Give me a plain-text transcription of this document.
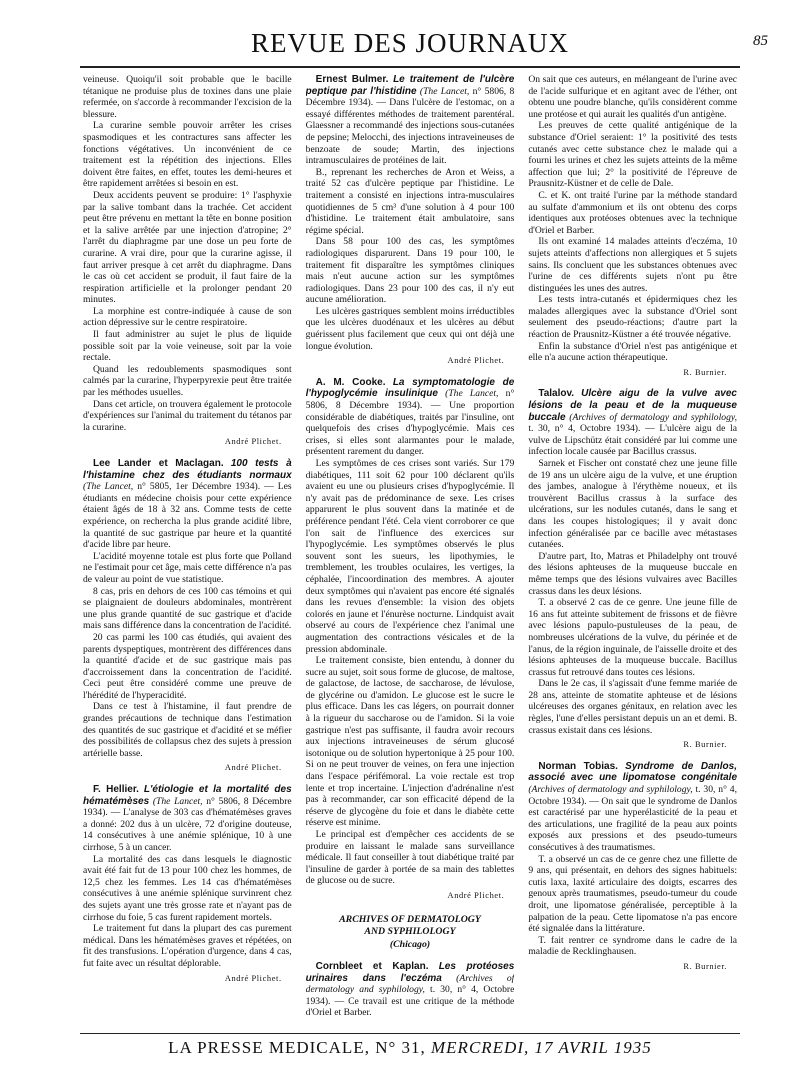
REVUE DES JOURNAUX	85

veineuse. Quoiqu'il soit probable que le bacille tétanique ne produise plus de toxines dans une plaie refermée, on s'accorde à recommander l'excision de la blessure.

La curarine semble pouvoir arrêter les crises spasmodiques et les contractures sans affecter les fonctions végétatives. Un inconvénient de ce traitement est la répétition des injections. Elles doivent être faites, en effet, toutes les demi-heures et être rapidement arrêtées si besoin en est.

Deux accidents peuvent se produire: 1° l'asphyxie par la salive tombant dans la trachée. Cet accident peut être prévenu en mettant la tête en bonne position et la salive arrêtée par une injection d'atropine; 2° l'arrêt du diaphragme par une dose un peu forte de curarine. A vrai dire, pour que la curarine agisse, il faut arriver presque à cet arrêt du diaphragme. Dans le cas où cet accident se produit, il faut faire de la respiration artificielle et la prolonger pendant 20 minutes.

La morphine est contre-indiquée à cause de son action dépressive sur le centre respiratoire.

Il faut administrer au sujet le plus de liquide possible soit par la voie veineuse, soit par la voie rectale.

Quand les redoublements spasmodiques sont calmés par la curarine, l'hyperpyrexie peut être traitée par les méthodes usuelles.

Dans cet article, on trouvera également le protocole d'expériences sur l'animal du traitement du tétanos par la curarine.

André Plichet.

Lee Lander et Maclagan. 100 tests à l'histamine chez des étudiants normaux (The Lancet, n° 5805, 1er Décembre 1934). — Les étudiants en médecine choisis pour cette expérience étaient âgés de 18 à 32 ans. Comme tests de cette expérience, on rechercha la plus grande acidité libre, la quantité de suc gastrique par heure et la quantité d'acide libre par heure.

L'acidité moyenne totale est plus forte que Polland ne l'estimait pour cet âge, mais cette différence n'a pas de valeur au point de vue statistique.

8 cas, pris en dehors de ces 100 cas témoins et qui se plaignaient de douleurs abdominales, montrèrent une plus grande quantité de suc gastrique et d'acide mais sans différence dans la concentration de l'acidité.

20 cas parmi les 100 cas étudiés, qui avaient des parents dyspeptiques, montrèrent des différences dans la quantité d'acide et de suc gastrique mais pas d'accroissement dans la concentration de l'acidité. Ceci peut être considéré comme une preuve de l'hérédité de l'hyperacidité.

Dans ce test à l'histamine, il faut prendre de grandes précautions de technique dans l'estimation des quantités de suc gastrique et d'acidité et se méfier des possibilités de collapsus chez des sujets à pression artérielle basse.

André Plichet.

F. Hellier. L'étiologie et la mortalité des hématémèses (The Lancet, n° 5806, 8 Décembre 1934). — L'analyse de 303 cas d'hématémèses graves a donné: 202 dus à un ulcère, 72 d'origine douteuse, 14 consécutives à une anémie splénique, 10 à une cirrhose, 5 à un cancer.

La mortalité des cas dans lesquels le diagnostic avait été fait fut de 13 pour 100 chez les hommes, de 12,5 chez les femmes. Les 14 cas d'hématémèses consécutives à une anémie splénique survinrent chez des sujets ayant une très grosse rate et n'ayant pas de cirrhose du foie, 5 cas furent rapidement mortels.

Le traitement fut dans la plupart des cas purement médical. Dans les hématémèses graves et répétées, on fit des transfusions. L'opération d'urgence, dans 4 cas, fut faite avec un résultat déplorable.

André Plichet.

Ernest Bulmer. Le traitement de l'ulcère peptique par l'histidine (The Lancet, n° 5806, 8 Décembre 1934). — Dans l'ulcère de l'estomac, on a essayé différentes méthodes de traitement parentéral. Glaessner a recommandé des injections sous-cutanées de pepsine; Melocchi, des injections intraveineuses de benzoate de soude; Martin, des injections intramusculaires de protéines de lait.

B., reprenant les recherches de Aron et Weiss, a traité 52 cas d'ulcère peptique par l'histidine. Le traitement a consisté en injections intra-musculaires quotidiennes de 5 cm³ d'une solution à 4 pour 100 d'histidine. Le traitement était ambulatoire, sans régime spécial.

Dans 58 pour 100 des cas, les symptômes radiologiques disparurent. Dans 19 pour 100, le traitement fit disparaître les symptômes cliniques mais n'eut aucune action sur les symptômes radiologiques. Dans 23 pour 100 des cas, il n'y eut aucune amélioration.

Les ulcères gastriques semblent moins irréductibles que les ulcères duodénaux et les ulcères au début guérissent plus facilement que ceux qui ont déjà une longue évolution.

André Plichet.

A. M. Cooke. La symptomatologie de l'hypoglycémie insulinique (The Lancet, n° 5806, 8 Décembre 1934). — Une proportion considérable de diabétiques, traités par l'insuline, ont quelquefois des crises d'hypoglycémie. Mais ces crises, si elles sont alarmantes pour le malade, présentent rarement du danger.

Les symptômes de ces crises sont variés. Sur 179 diabétiques, 111 soit 62 pour 100 déclarent qu'ils avaient eu une ou plusieurs crises d'hypoglycémie. Il n'y avait pas de prédominance de sexe. Les crises apparurent le plus souvent dans la matinée et de préférence pendant l'été. Cela vient corroborer ce que l'on sait de l'influence des exercices sur l'hypoglycémie. Les symptômes observés le plus souvent sont les sueurs, les lipothymies, le tremblement, les troubles oculaires, les vertiges, la céphalée, l'incoordination des membres. A ajouter deux symptômes qui n'avaient pas encore été signalés dans les revues d'ensemble: la vision des objets colorés en jaune et l'énurèse nocturne. Lindquist avait observé au cours de l'expérience chez l'animal une augmentation des contractions vésicales et de la pression abdominale.

Le traitement consiste, bien entendu, à donner du sucre au sujet, soit sous forme de glucose, de maltose, de galactose, de lactose, de saccharose, de lévulose, de glycérine ou d'amidon. Le glucose est le sucre le plus efficace. Dans les cas légers, on pourrait donner à la rigueur du saccharose ou de l'amidon. Si la voie gastrique n'est pas suffisante, il faudra avoir recours aux injections intraveineuses de sérum glucosé isotonique ou de solution hypertonique à 25 pour 100. Si on ne peut trouver de veines, on fera une injection dans l'espace périfémoral. La voie rectale est trop lente et trop incertaine. L'injection d'adrénaline n'est pas à recommander, car son efficacité dépend de la réserve de glycogène du foie et dans le diabète cette réserve est minime.

Le principal est d'empêcher ces accidents de se produire en laissant le malade sans surveillance médicale. Il faut conseiller à tout diabétique traité par l'insuline de garder à portée de sa main des tablettes de glucose ou de sucre.

André Plichet.

ARCHIVES OF DERMATOLOGY
AND SYPHILOLOGY
(Chicago)

Cornbleet et Kaplan. Les protéoses urinaires dans l'eczéma (Archives of dermatology and syphilology, t. 30, n° 4, Octobre 1934). — Ce travail est une critique de la méthode d'Oriel et Barber.

On sait que ces auteurs, en mélangeant de l'urine avec de l'acide sulfurique et en agitant avec de l'éther, ont obtenu une poudre blanche, qu'ils considèrent comme une protéose et qui aurait les qualités d'un antigène.

Les preuves de cette qualité antigénique de la substance d'Oriel seraient: 1° la positivité des tests cutanés avec cette substance chez le malade qui a fourni les urines et chez les sujets atteints de la même affection que lui; 2° la positivité de l'épreuve de Prausnitz-Küstner et de celle de Dale.

C. et K. ont traité l'urine par la méthode standard au sulfate d'ammonium et ils ont obtenu des corps identiques aux protéoses obtenues avec la technique d'Oriel et Barber.

Ils ont examiné 14 malades atteints d'eczéma, 10 sujets atteints d'affections non allergiques et 5 sujets sains. Ils concluent que les substances obtenues avec l'urine de ces différents sujets n'ont pu être distinguées les unes des autres.

Les tests intra-cutanés et épidermiques chez les malades allergiques avec la substance d'Oriel sont seulement des pseudo-réactions; d'autre part la réaction de Prausnitz-Küstner a été trouvée négative.

Enfin la substance d'Oriel n'est pas antigénique et elle n'a aucune action thérapeutique.

R. Burnier.

Talalov. Ulcère aigu de la vulve avec lésions de la peau et de la muqueuse buccale (Archives of dermatology and syphilology, t. 30, n° 4, Octobre 1934). — L'ulcère aigu de la vulve de Lipschütz était considéré par lui comme une infection locale causée par Bacillus crassus.

Sarnek et Fischer ont constaté chez une jeune fille de 19 ans un ulcère aigu de la vulve, et une éruption des jambes, analogue à l'érythème noueux, et ils trouvèrent Bacillus crassus à la surface des ulcérations, sur les nodules cutanés, dans le sang et dans les coupes histologiques; il y avait donc infection généralisée par ce bacille avec métastases cutanées.

D'autre part, Ito, Matras et Philadelphy ont trouvé des lésions aphteuses de la muqueuse buccale en même temps que des lésions vulvaires avec Bacilles crassus dans les deux lésions.

T. a observé 2 cas de ce genre. Une jeune fille de 16 ans fut atteinte subitement de frissons et de fièvre avec lésions papulo-pustuleuses de la peau, de nombreuses ulcérations de la vulve, du périnée et de l'anus, de la région inguinale, de l'aisselle droite et des lésions aphteuses de la muqueuse buccale. Bacillus crassus fut retrouvé dans toutes ces lésions.

Dans le 2e cas, il s'agissait d'une femme mariée de 28 ans, atteinte de stomatite aphteuse et de lésions ulcéreuses des organes génitaux, en relation avec les règles, l'une d'elles persistant depuis un an et demi. B. crassus existait dans ces lésions.

R. Burnier.

Norman Tobias. Syndrome de Danlos, associé avec une lipomatose congénitale (Archives of dermatology and syphilology, t. 30, n° 4, Octobre 1934). — On sait que le syndrome de Danlos est caractérisé par une hyperélasticité de la peau et des articulations, une fragilité de la peau aux points exposés aux pressions et des pseudo-tumeurs consécutives à des traumatismes.

T. a observé un cas de ce genre chez une fillette de 9 ans, qui présentait, en dehors des signes habituels: cutis laxa, laxité articulaire des doigts, escarres des genoux après traumatismes, pseudo-tumeur du coude droit, une lipomatose généralisée, perceptible à la palpation de la peau. Cette lipomatose n'a pas encore été signalée dans la littérature.

T. fait rentrer ce syndrome dans le cadre de la maladie de Recklinghausen.

R. Burnier.

LA PRESSE MEDICALE, N° 31, MERCREDI, 17 AVRIL 1935
